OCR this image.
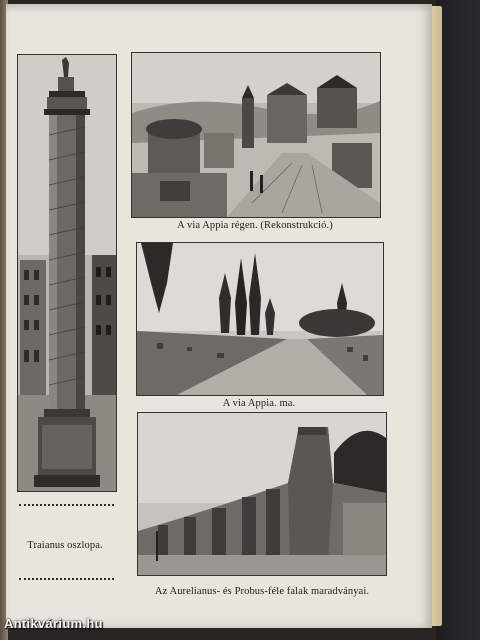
A via Appia régen. (Rekonstrukció.)
A via Appia. ma.
Az Aurelianus- és Probus-féle falak maradványai.
Traianus oszlopa.
Antikvárium.hu
